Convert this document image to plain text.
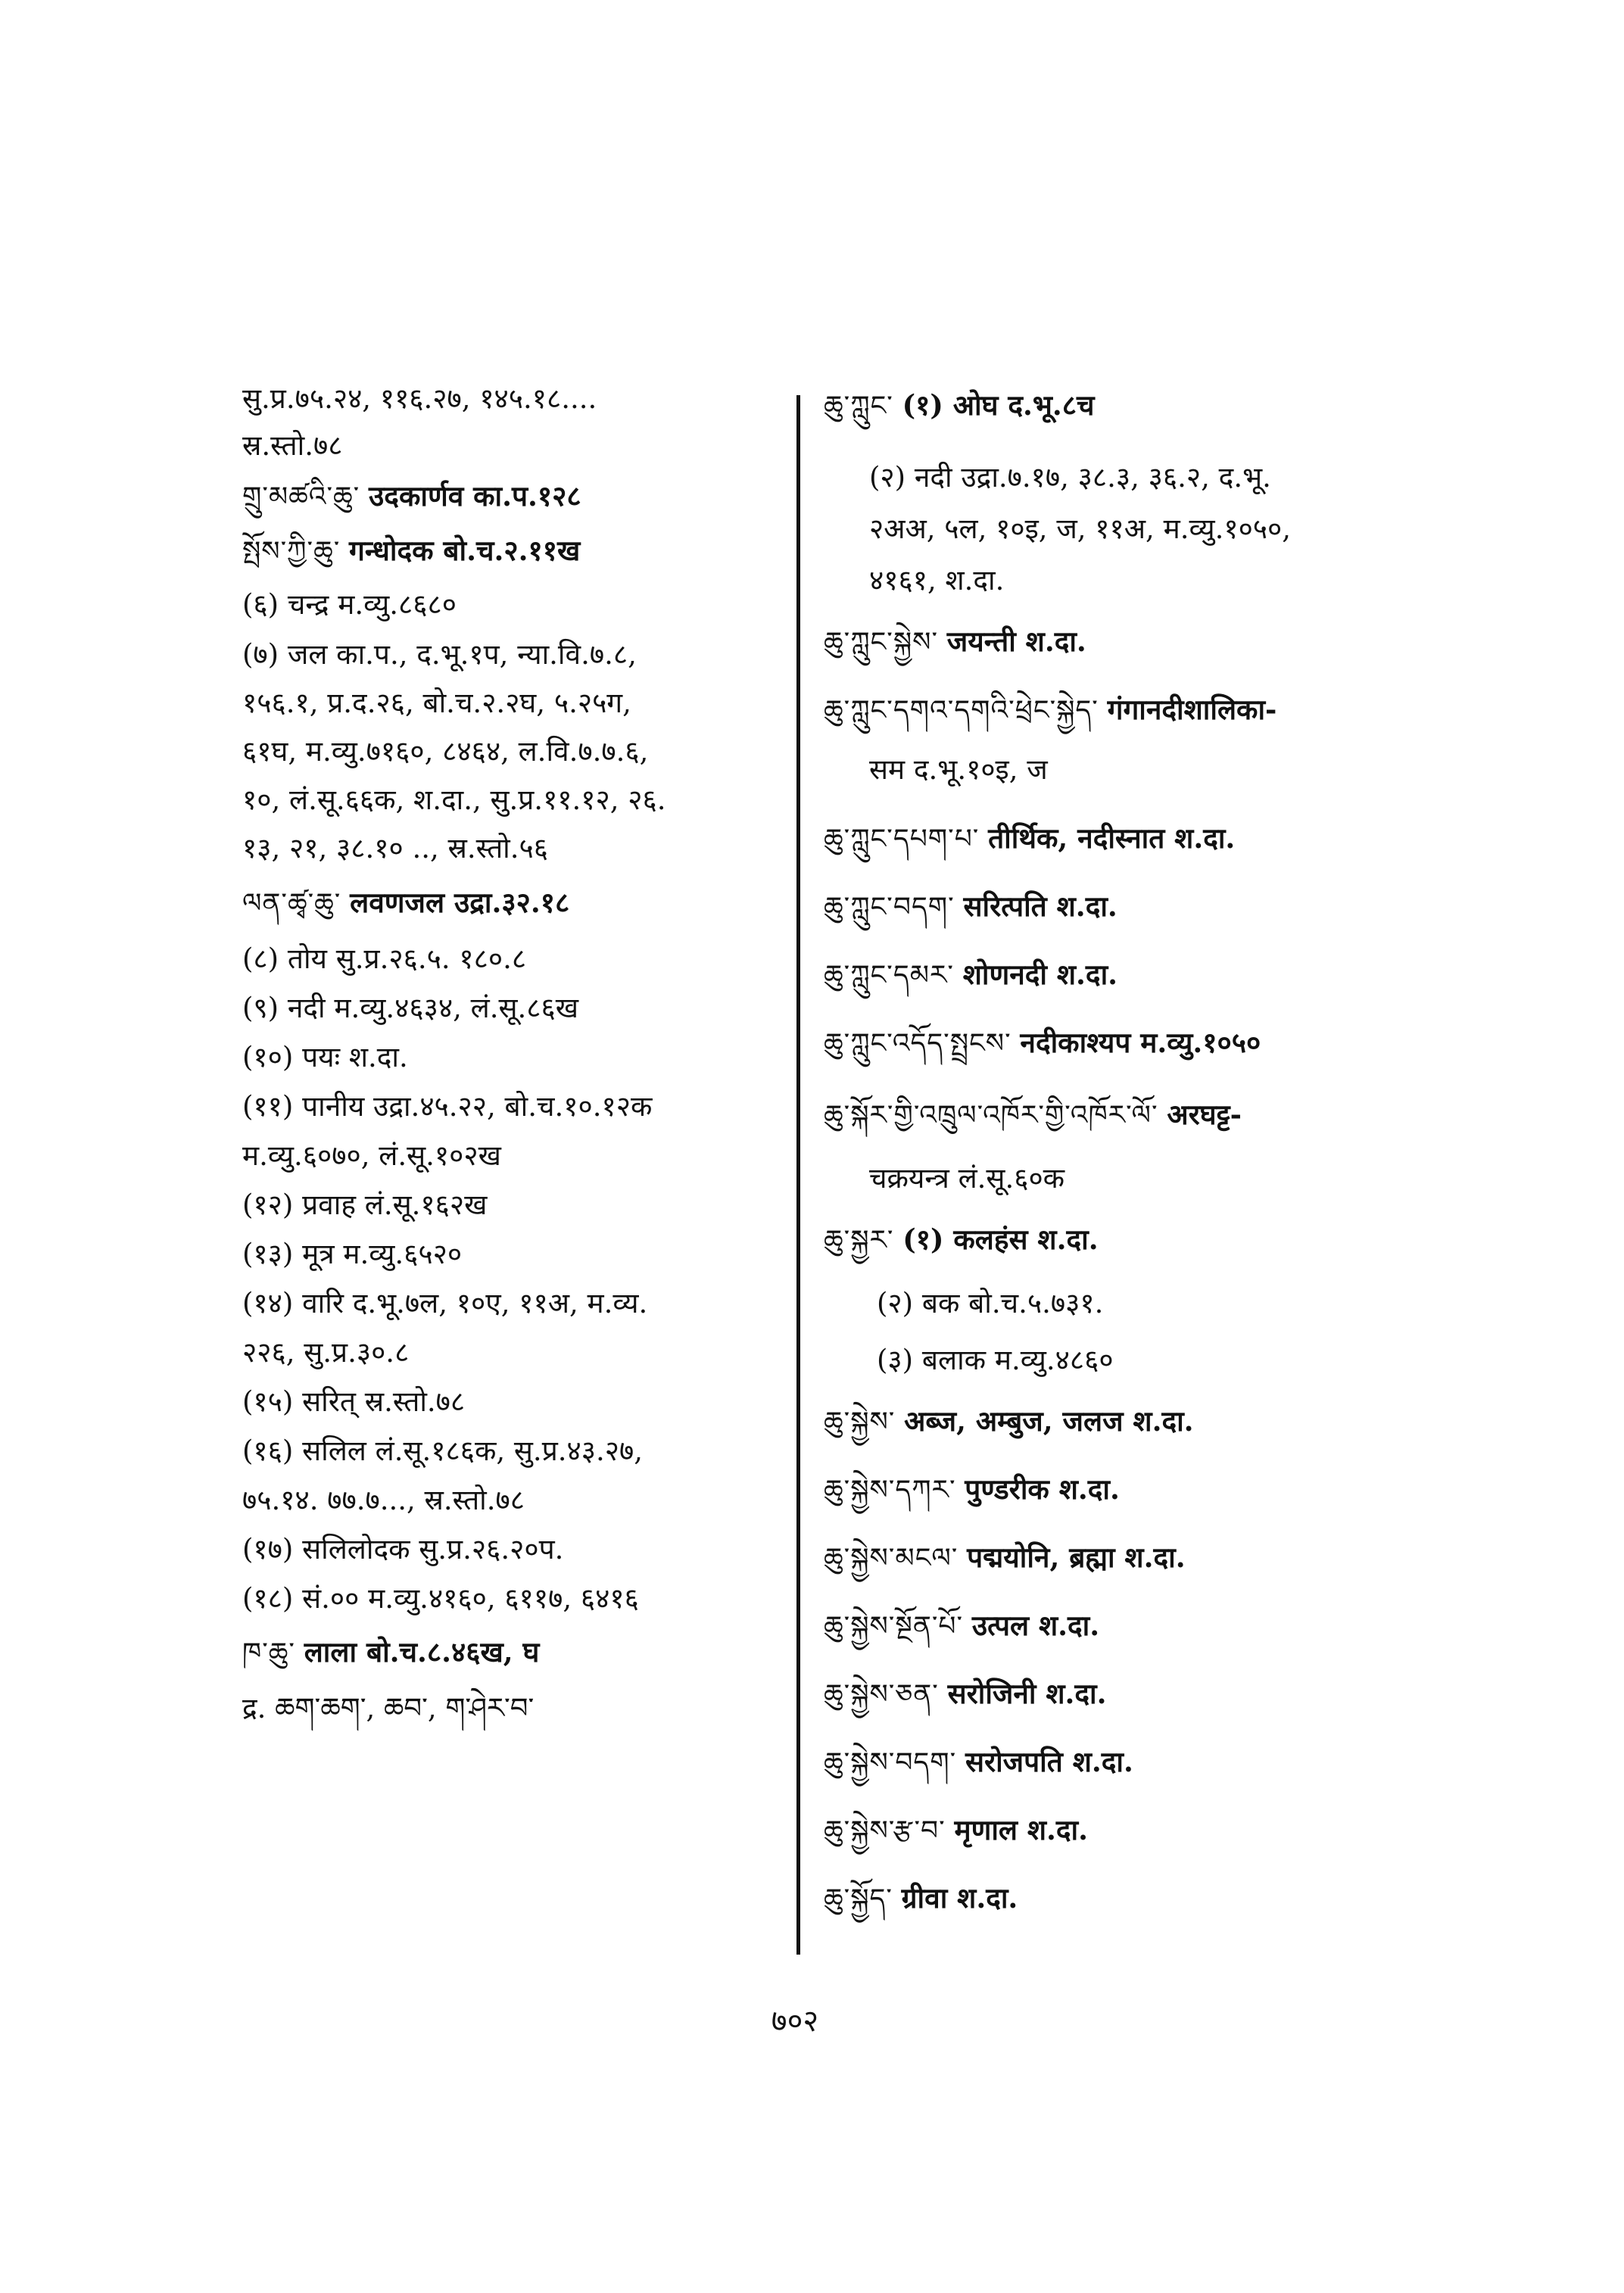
सु.प्र.७५.२४, ११६.२७, १४५.१८....
स्र.स्तो.७८
གྲུ་མཚའི་ཆུ་ उदकार्णव का.प.१२८
སྤོས་ཀྱི་ཆུ་ गन्धोदक बो.च.२.११ख
(६) चन्द्र म.व्यु.८६८०
(७) जल का.प., द.भू.१प, न्या.वि.७.८,
१५६.१, प्र.द.२६, बो.च.२.२घ, ५.२५ग,
६१घ, म.व्यु.७१६०, ८४६४, ल.वि.७.७.६,
१०, लं.सू.६६क, श.दा., सु.प्र.११.१२, २६.
१३, २१, ३८.१० .., स्र.स्तो.५६
ལན་ཚྭ་ཆུ་ लवणजल उद्रा.३२.१८
(८) तोय सु.प्र.२६.५. १८०.८
(९) नदी म.व्यु.४६३४, लं.सू.८६ख
(१०) पयः श.दा.
(११) पानीय उद्रा.४५.२२, बो.च.१०.१२क
म.व्यु.६०७०, लं.सू.१०२ख
(१२) प्रवाह लं.सू.१६२ख
(१३) मूत्र म.व्यु.६५२०
(१४) वारि द.भू.७ल, १०ए, ११अ, म.व्य.
२२६, सु.प्र.३०.८
(१५) सरित् स्र.स्तो.७८
(१६) सलिल लं.सू.१८६क, सु.प्र.४३.२७,
७५.१४. ७७.७..., स्र.स्तो.७८
(१७) सलिलोदक सु.प्र.२६.२०प.
(१८) सं.०० म.व्यु.४१६०, ६११७, ६४१६
ཁ་ཆུ་ लाला बो.च.८.४६ख, घ
द्र. ཆག་ཆག་, ཆབ་, ག་ཤེར་བ་
ཆུ་ཀླུང་ (१) ओघ द.भू.८च
(२) नदी उद्रा.७.१७, ३८.३, ३६.२, द.भू.
२अअ, ५ल, १०इ, ज, ११अ, म.व्यु.१०५०,
४१६१, श.दा.
ཆུ་ཀླུང་སྐྱེས་ जयन्ती श.दा.
ཆུ་ཀླུང་དགའ་དགའི་ཕྲེང་སྐྱེད་ गंगानदीशालिका-
सम द.भू.१०इ, ज
ཆུ་ཀླུང་དཔག་པ་ तीर्थिक, नदीस्नात श.दा.
ཆུ་ཀླུང་བདག་ सरित्पति श.दा.
ཆུ་ཀླུང་དམར་ शोणनदी श.दा.
ཆུ་ཀླུང་འདོད་སྤྲངས་ नदीकाश्यप म.व्यु.१०५०
ཆུ་སྐོར་གྱི་འཁྲུལ་འཁོར་གྱི་འཁོར་ལོ་ अरघट्ट-
चक्रयन्त्र लं.सू.६०क
ཆུ་སྐྱར་ (१) कलहंस श.दा.
(२) बक बो.च.५.७३१.
(३) बलाक म.व्यु.४८६०
ཆུ་སྐྱེས་ अब्ज, अम्बुज, जलज श.दा.
ཆུ་སྐྱེས་དཀར་ पुण्डरीक श.दा.
ཆུ་སྐྱེས་མངལ་ पद्मयोनि, ब्रह्मा श.दा.
ཆུ་སྐྱེས་སྔོན་པོ་ उत्पल श.दा.
ཆུ་སྐྱེས་ཅན་ सरोजिनी श.दा.
ཆུ་སྐྱེས་བདག་ सरोजपति श.दा.
ཆུ་སྐྱེས་རྩ་བ་ मृणाल श.दा.
ཆུ་སྐྱོད་ ग्रीवा श.दा.
७०२
